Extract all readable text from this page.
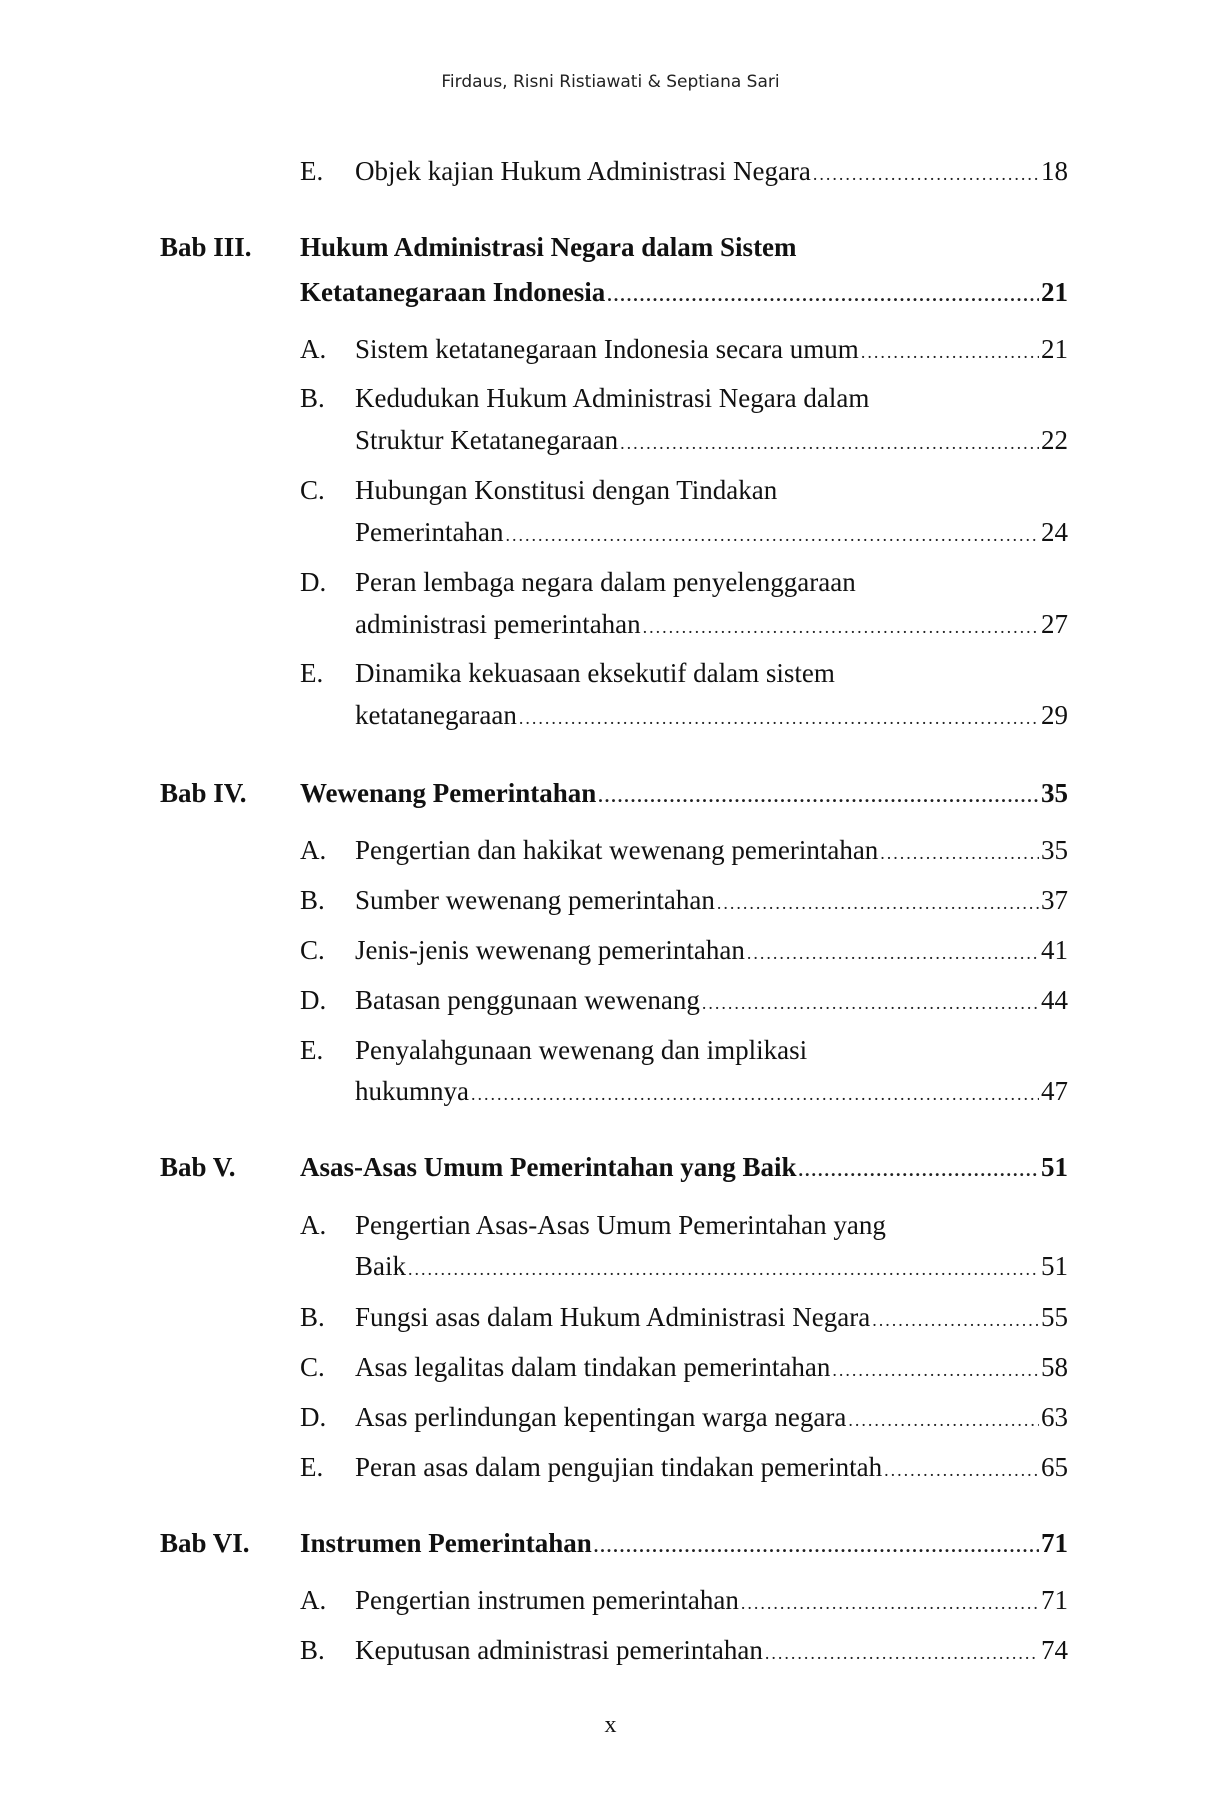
Firdaus, Risni Ristiawati & Septiana Sari
E. Objek kajian Hukum Administrasi Negara .....	18
Bab III. Hukum Administrasi Negara dalam Sistem
Ketatanegaraan Indonesia .....	21
A. Sistem ketatanegaraan Indonesia secara umum .....	21
B. Kedudukan Hukum Administrasi Negara dalam
Struktur Ketatanegaraan .....	22
C. Hubungan Konstitusi dengan Tindakan
Pemerintahan .....	24
D. Peran lembaga negara dalam penyelenggaraan
administrasi pemerintahan .....	27
E. Dinamika kekuasaan eksekutif dalam sistem
ketatanegaraan .....	29
Bab IV. Wewenang Pemerintahan .....	35
A. Pengertian dan hakikat wewenang pemerintahan .....	35
B. Sumber wewenang pemerintahan .....	37
C. Jenis-jenis wewenang pemerintahan .....	41
D. Batasan penggunaan wewenang .....	44
E. Penyalahgunaan wewenang dan implikasi
hukumnya .....	47
Bab V. Asas-Asas Umum Pemerintahan yang Baik .....	51
A. Pengertian Asas-Asas Umum Pemerintahan yang
Baik .....	51
B. Fungsi asas dalam Hukum Administrasi Negara .....	55
C. Asas legalitas dalam tindakan pemerintahan .....	58
D. Asas perlindungan kepentingan warga negara .....	63
E. Peran asas dalam pengujian tindakan pemerintah .....	65
Bab VI. Instrumen Pemerintahan .....	71
A. Pengertian instrumen pemerintahan .....	71
B. Keputusan administrasi pemerintahan .....	74
x
